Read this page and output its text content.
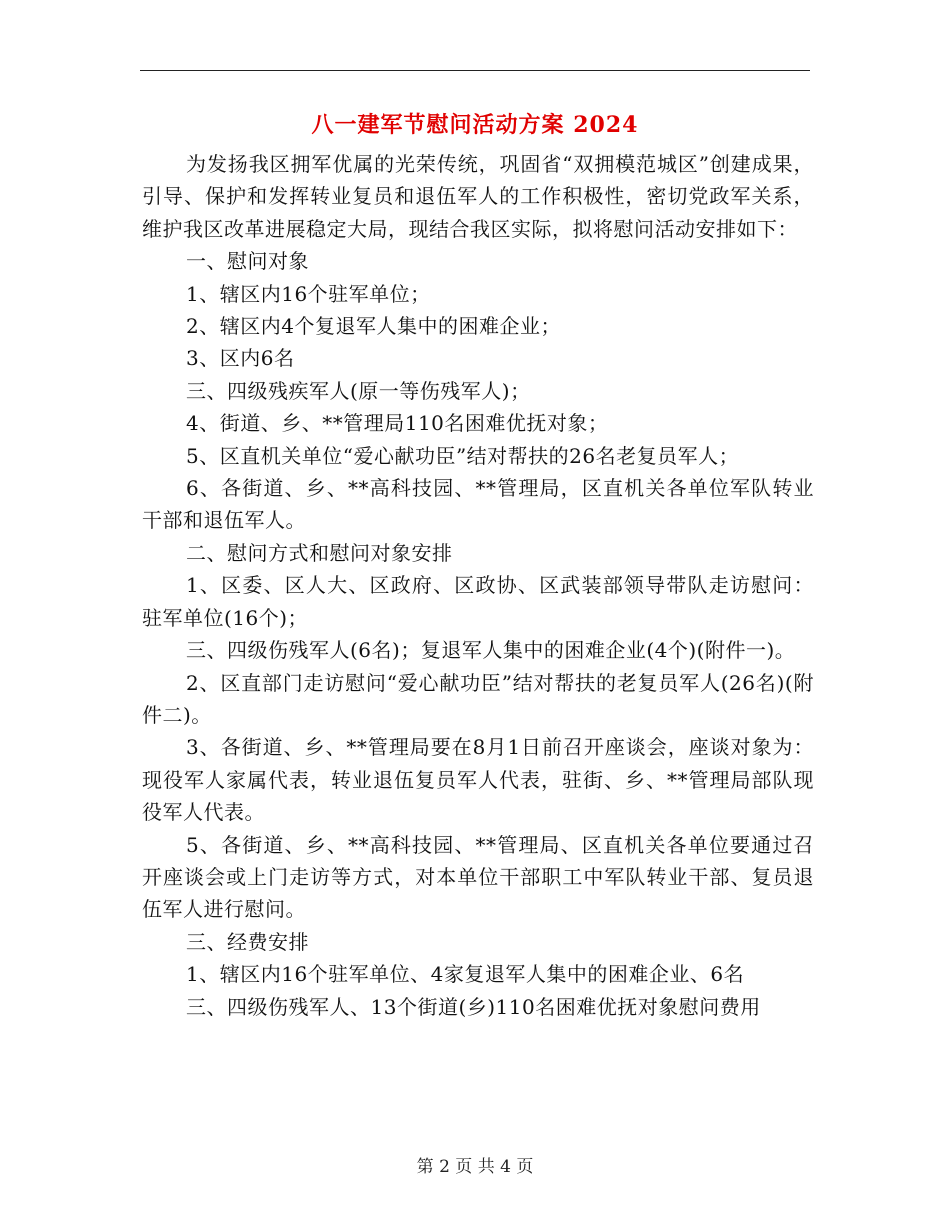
八一建军节慰问活动方案 2024

为发扬我区拥军优属的光荣传统，巩固省“双拥模范城区”创建成果，引导、保护和发挥转业复员和退伍军人的工作积极性，密切党政军关系，维护我区改革进展稳定大局，现结合我区实际，拟将慰问活动安排如下：

一、慰问对象

1、辖区内16个驻军单位；

2、辖区内4个复退军人集中的困难企业；

3、区内6名

三、四级残疾军人(原一等伤残军人)；

4、街道、乡、**管理局110名困难优抚对象；

5、区直机关单位“爱心献功臣”结对帮扶的26名老复员军人；

6、各街道、乡、**高科技园、**管理局，区直机关各单位军队转业干部和退伍军人。

二、慰问方式和慰问对象安排

1、区委、区人大、区政府、区政协、区武装部领导带队走访慰问：驻军单位(16个)；

三、四级伤残军人(6名)；复退军人集中的困难企业(4个)(附件一)。

2、区直部门走访慰问“爱心献功臣”结对帮扶的老复员军人(26名)(附件二)。

3、各街道、乡、**管理局要在8月1日前召开座谈会，座谈对象为：现役军人家属代表，转业退伍复员军人代表，驻街、乡、**管理局部队现役军人代表。

5、各街道、乡、**高科技园、**管理局、区直机关各单位要通过召开座谈会或上门走访等方式，对本单位干部职工中军队转业干部、复员退伍军人进行慰问。

三、经费安排

1、辖区内16个驻军单位、4家复退军人集中的困难企业、6名

三、四级伤残军人、13个街道(乡)110名困难优抚对象慰问费用

第 2 页 共 4 页
